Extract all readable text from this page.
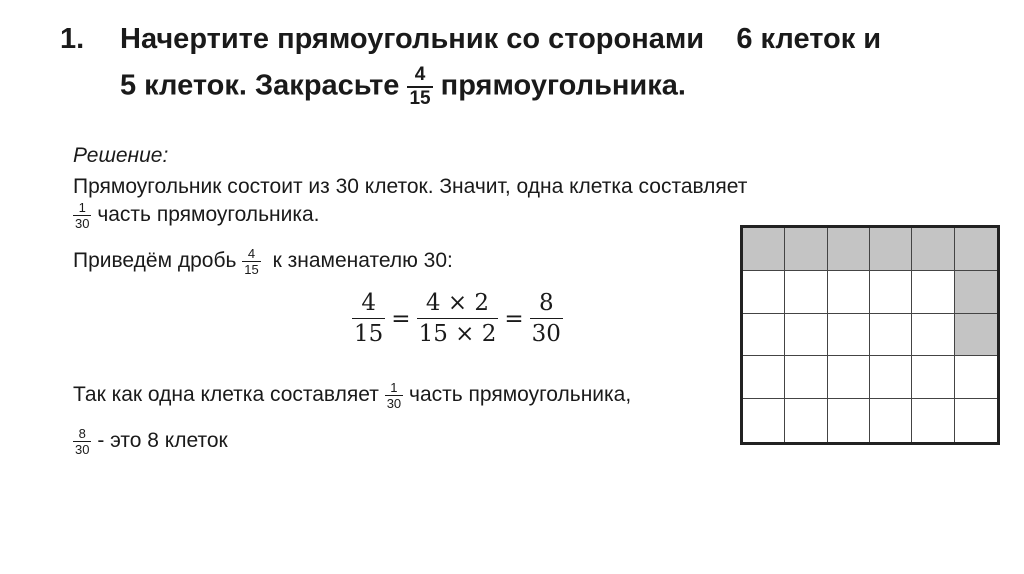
1. Начертите прямоугольник со сторонами    6 клеток и
5 клеток. Закрасьте $\frac{4}{15}$ прямоугольника.
Решение:
Прямоугольник состоит из 30 клеток. Значит, одна клетка составляет
$\frac{1}{30}$ часть прямоугольника.
Приведём дробь $\frac{4}{15}$ к знаменателю 30:
$\frac{4}{15} = \frac{4 \times 2}{15 \times 2} = \frac{8}{30}$
Так как одна клетка составляет $\frac{1}{30}$ часть прямоугольника,
$\frac{8}{30}$ - это 8 клеток
